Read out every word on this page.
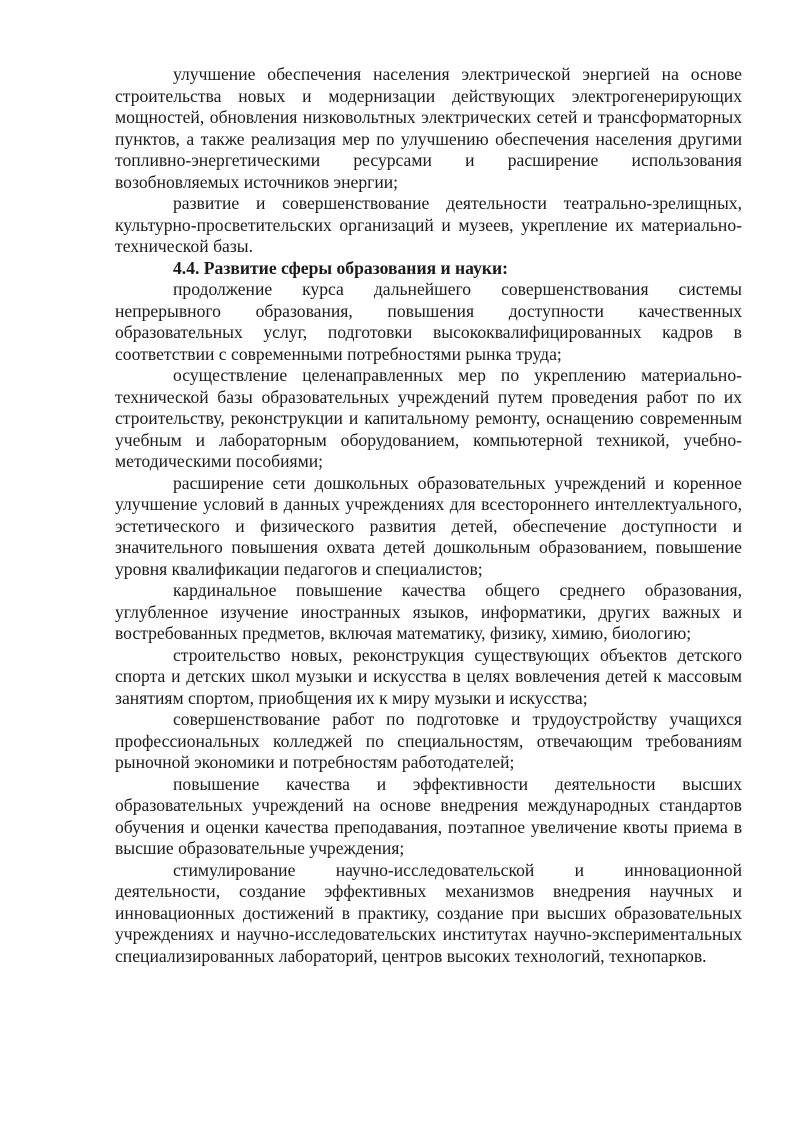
улучшение обеспечения населения электрической энергией на основе строительства новых и модернизации действующих электрогенерирующих мощностей, обновления низковольтных электрических сетей и трансформаторных пунктов, а также реализация мер по улучшению обеспечения населения другими топливно-энергетическими ресурсами и расширение использования возобновляемых источников энергии;

развитие и совершенствование деятельности театрально-зрелищных, культурно-просветительских организаций и музеев, укрепление их материально-технической базы.

4.4. Развитие сферы образования и науки:

продолжение курса дальнейшего совершенствования системы непрерывного образования, повышения доступности качественных образовательных услуг, подготовки высококвалифицированных кадров в соответствии с современными потребностями рынка труда;

осуществление целенаправленных мер по укреплению материально-технической базы образовательных учреждений путем проведения работ по их строительству, реконструкции и капитальному ремонту, оснащению современным учебным и лабораторным оборудованием, компьютерной техникой, учебно-методическими пособиями;

расширение сети дошкольных образовательных учреждений и коренное улучшение условий в данных учреждениях для всестороннего интеллектуального, эстетического и физического развития детей, обеспечение доступности и значительного повышения охвата детей дошкольным образованием, повышение уровня квалификации педагогов и специалистов;

кардинальное повышение качества общего среднего образования, углубленное изучение иностранных языков, информатики, других важных и востребованных предметов, включая математику, физику, химию, биологию;

строительство новых, реконструкция существующих объектов детского спорта и детских школ музыки и искусства в целях вовлечения детей к массовым занятиям спортом, приобщения их к миру музыки и искусства;

совершенствование работ по подготовке и трудоустройству учащихся профессиональных колледжей по специальностям, отвечающим требованиям рыночной экономики и потребностям работодателей;

повышение качества и эффективности деятельности высших образовательных учреждений на основе внедрения международных стандартов обучения и оценки качества преподавания, поэтапное увеличение квоты приема в высшие образовательные учреждения;

стимулирование научно-исследовательской и инновационной деятельности, создание эффективных механизмов внедрения научных и инновационных достижений в практику, создание при высших образовательных учреждениях и научно-исследовательских институтах научно-экспериментальных специализированных лабораторий, центров высоких технологий, технопарков.
